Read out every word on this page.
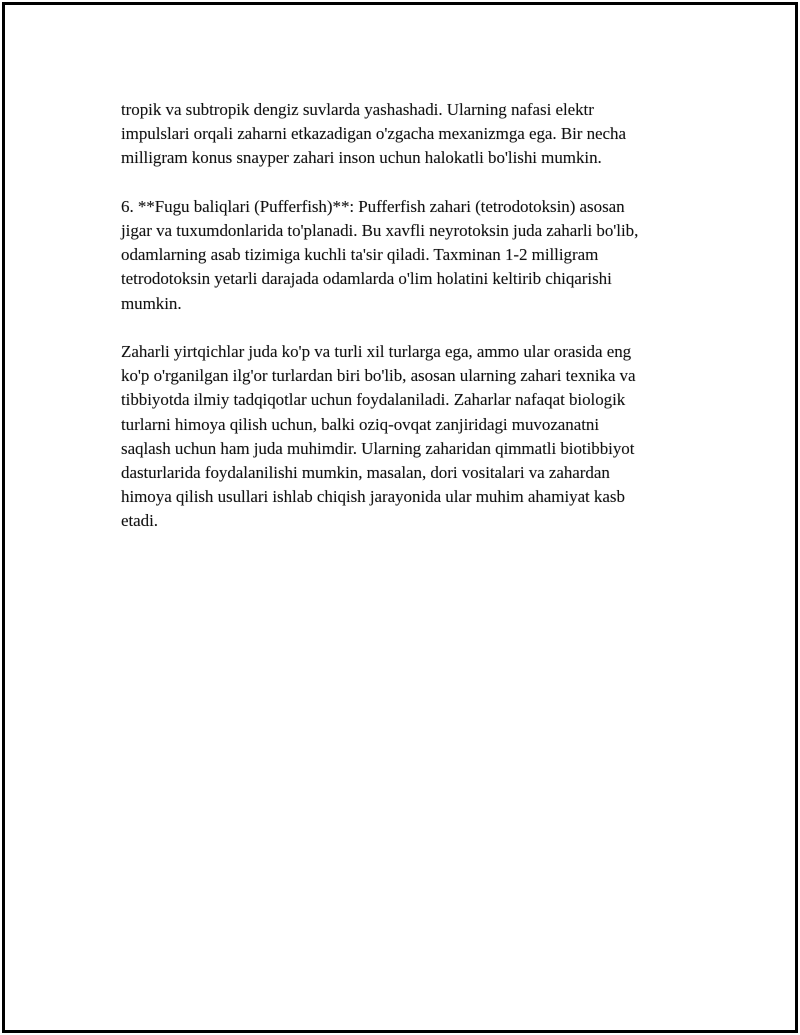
tropik va subtropik dengiz suvlarda yashashadi. Ularning nafasi elektr
impulslari orqali zaharni etkazadigan o'zgacha mexanizmga ega. Bir necha
milligram konus snayper zahari inson uchun halokatli bo'lishi mumkin.
6. **Fugu baliqlari (Pufferfish)**: Pufferfish zahari (tetrodotoksin) asosan
jigar va tuxumdonlarida to'planadi. Bu xavfli neyrotoksin juda zaharli bo'lib,
odamlarning asab tizimiga kuchli ta'sir qiladi. Taxminan 1-2 milligram
tetrodotoksin yetarli darajada odamlarda o'lim holatini keltirib chiqarishi
mumkin.
Zaharli yirtqichlar juda ko'p va turli xil turlarga ega, ammo ular orasida eng
ko'p o'rganilgan ilg'or turlardan biri bo'lib, asosan ularning zahari texnika va
tibbiyotda ilmiy tadqiqotlar uchun foydalaniladi. Zaharlar nafaqat biologik
turlarni himoya qilish uchun, balki oziq-ovqat zanjiridagi muvozanatni
saqlash uchun ham juda muhimdir. Ularning zaharidan qimmatli biotibbiyot
dasturlarida foydalanilishi mumkin, masalan, dori vositalari va zahardan
himoya qilish usullari ishlab chiqish jarayonida ular muhim ahamiyat kasb
etadi.
